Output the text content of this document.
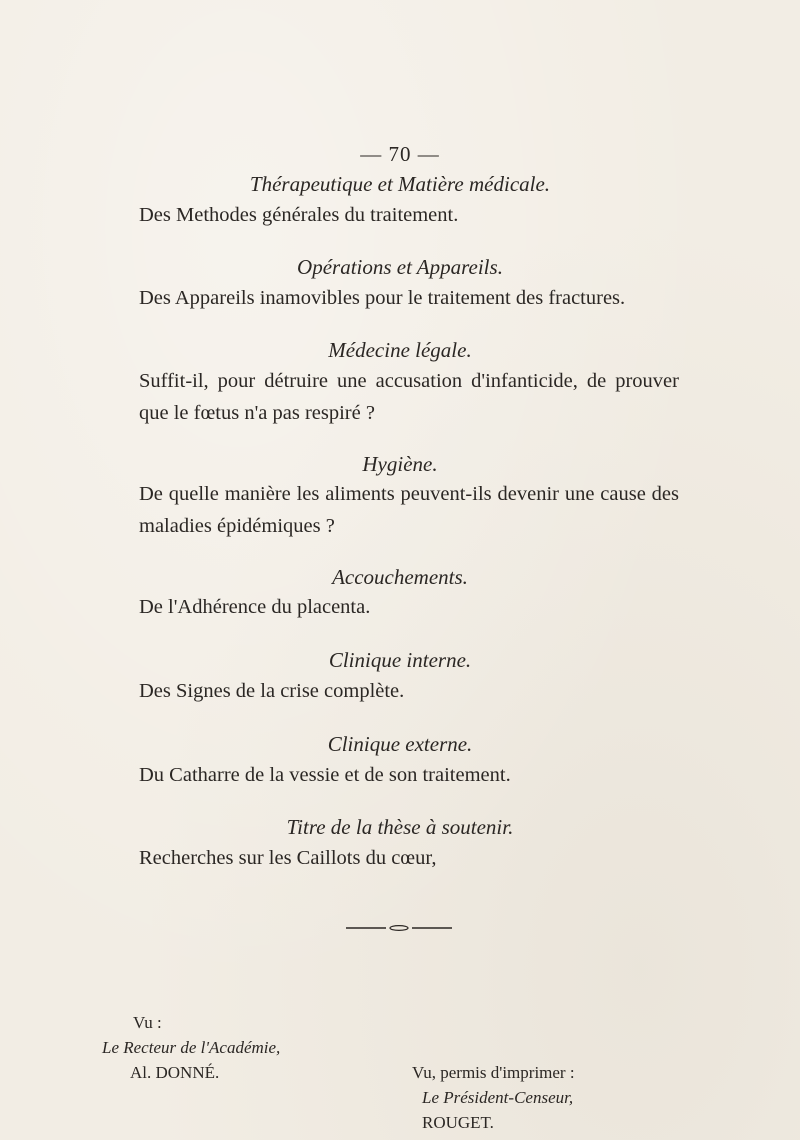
— 70 —
Thérapeutique et Matière médicale.

Des Methodes générales du traitement.

Opérations et Appareils.

Des Appareils inamovibles pour le traitement des fractures.

Médecine légale.

Suffit-il, pour détruire une accusation d'infanticide, de prouver que le fœtus n'a pas respiré ?

Hygiène.

De quelle manière les aliments peuvent-ils devenir une cause des maladies épidémiques ?

Accouchements.

De l'Adhérence du placenta.

Clinique interne.

Des Signes de la crise complète.

Clinique externe.

Du Catharre de la vessie et de son traitement.

Titre de la thèse à soutenir.

Recherches sur les Caillots du cœur,

Vu :
Le Recteur de l'Académie,
Al. DONNÉ.	Vu, permis d'imprimer :
Le Président-Censeur,
ROUGET.
